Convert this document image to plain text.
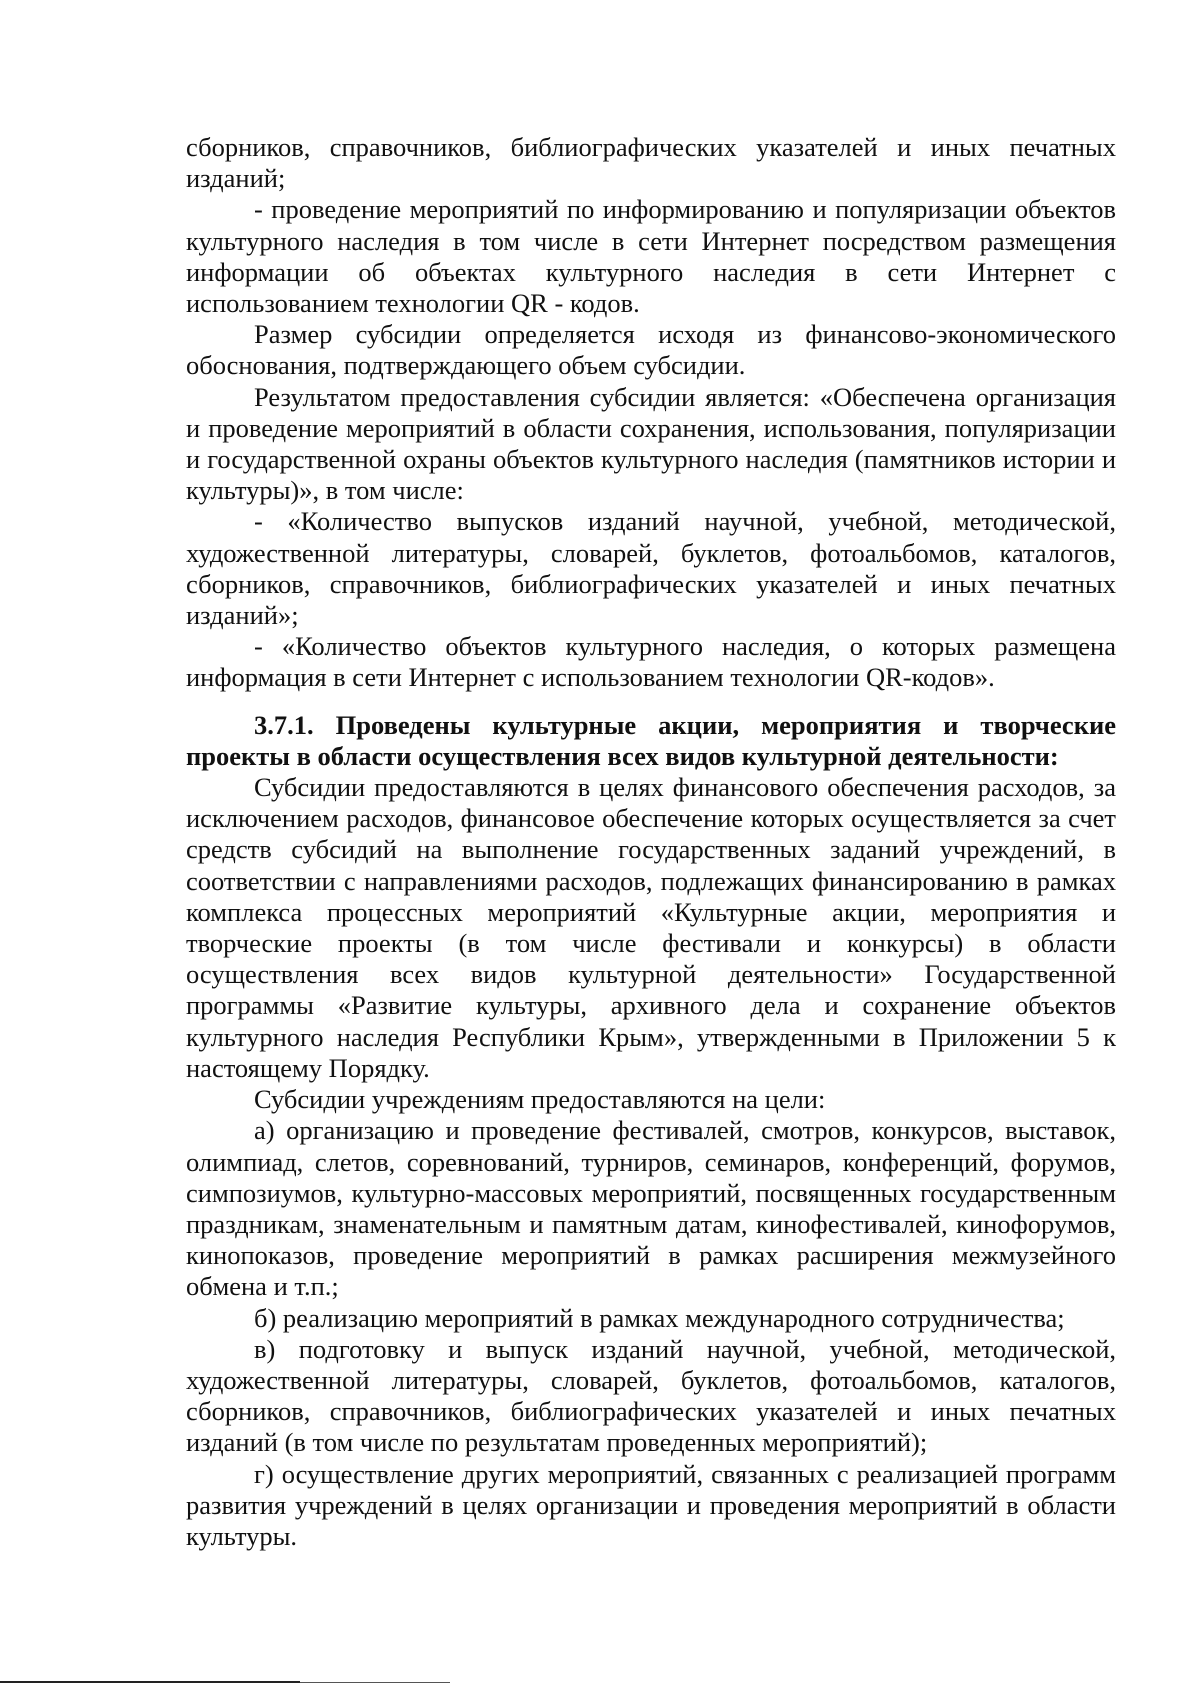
сборников, справочников, библиографических указателей и иных печатных изданий;

- проведение мероприятий по информированию и популяризации объектов культурного наследия в том числе в сети Интернет посредством размещения информации об объектах культурного наследия в сети Интернет с использованием технологии QR - кодов.

Размер субсидии определяется исходя из финансово-экономического обоснования, подтверждающего объем субсидии.

Результатом предоставления субсидии является: «Обеспечена организация и проведение мероприятий в области сохранения, использования, популяризации и государственной охраны объектов культурного наследия (памятников истории и культуры)», в том числе:

- «Количество выпусков изданий научной, учебной, методической, художественной литературы, словарей, буклетов, фотоальбомов, каталогов, сборников, справочников, библиографических указателей и иных печатных изданий»;

- «Количество объектов культурного наследия, о которых размещена информация в сети Интернет с использованием технологии QR-кодов».

3.7.1. Проведены культурные акции, мероприятия и творческие проекты в области осуществления всех видов культурной деятельности:

Субсидии предоставляются в целях финансового обеспечения расходов, за исключением расходов, финансовое обеспечение которых осуществляется за счет средств субсидий на выполнение государственных заданий учреждений, в соответствии с направлениями расходов, подлежащих финансированию в рамках комплекса процессных мероприятий «Культурные акции, мероприятия и творческие проекты (в том числе фестивали и конкурсы) в области осуществления всех видов культурной деятельности» Государственной программы «Развитие культуры, архивного дела и сохранение объектов культурного наследия Республики Крым», утвержденными в Приложении 5 к настоящему Порядку.

Субсидии учреждениям предоставляются на цели:

а) организацию и проведение фестивалей, смотров, конкурсов, выставок, олимпиад, слетов, соревнований, турниров, семинаров, конференций, форумов, симпозиумов, культурно-массовых мероприятий, посвященных государственным праздникам, знаменательным и памятным датам, кинофестивалей, кинофорумов, кинопоказов, проведение мероприятий в рамках расширения межмузейного обмена и т.п.;

б) реализацию мероприятий в рамках международного сотрудничества;

в) подготовку и выпуск изданий научной, учебной, методической, художественной литературы, словарей, буклетов, фотоальбомов, каталогов, сборников, справочников, библиографических указателей и иных печатных изданий (в том числе по результатам проведенных мероприятий);

г) осуществление других мероприятий, связанных с реализацией программ развития учреждений в целях организации и проведения мероприятий в области культуры.
